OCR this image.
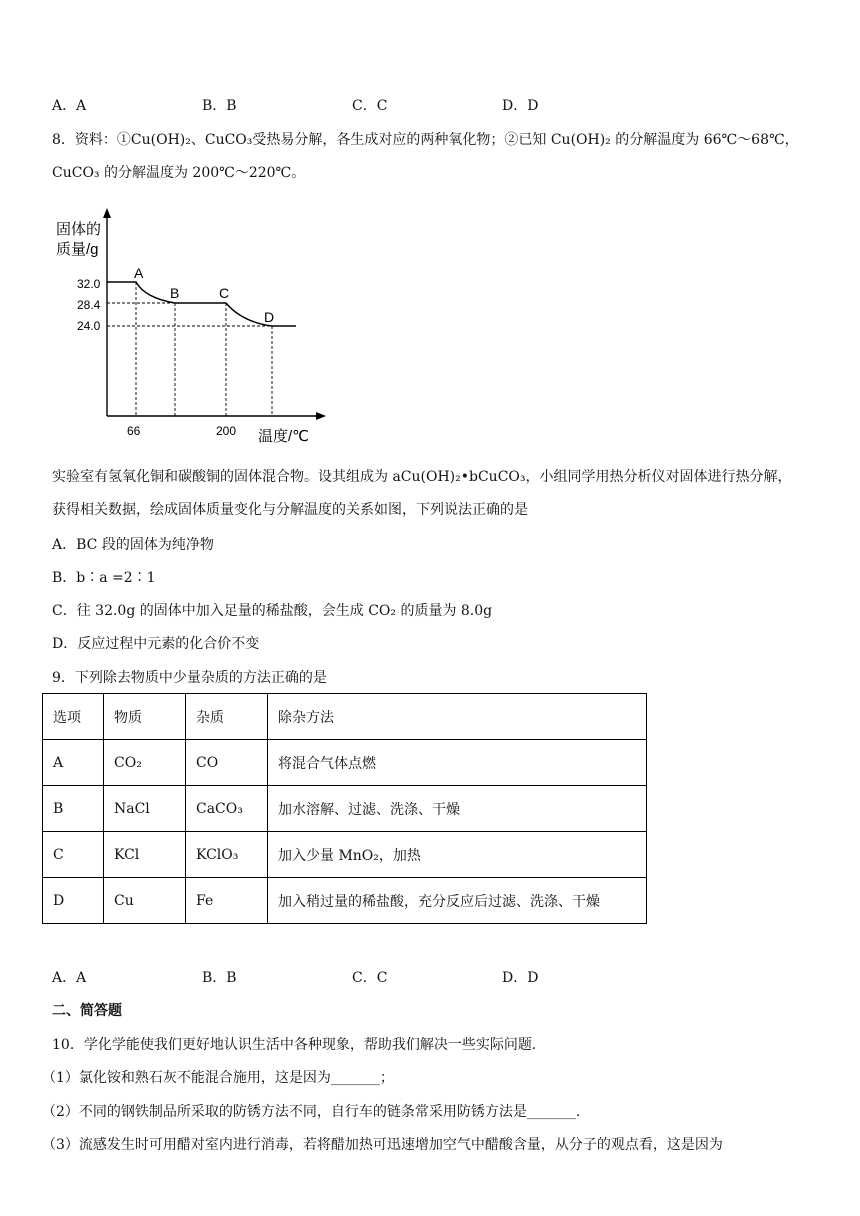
A．A	B．B	C．C	D．D
8．资料：①Cu(OH)₂、CuCO₃受热易分解，各生成对应的两种氧化物；②已知 Cu(OH)₂ 的分解温度为 66℃～68℃，
CuCO₃ 的分解温度为 200℃～220℃。
固体的
质量/g
温度/℃
32.0
28.4
24.0
66	200
A
B	C
D
实验室有氢氧化铜和碳酸铜的固体混合物。设其组成为 aCu(OH)₂•bCuCO₃，小组同学用热分析仪对固体进行热分解，
获得相关数据，绘成固体质量变化与分解温度的关系如图，下列说法正确的是
A．BC 段的固体为纯净物
B．b∶a =2∶1
C．往 32.0g 的固体中加入足量的稀盐酸，会生成 CO₂ 的质量为 8.0g
D．反应过程中元素的化合价不变
9．下列除去物质中少量杂质的方法正确的是
选项	物质	杂质	除杂方法
A	CO₂	CO	将混合气体点燃
B	NaCl	CaCO₃	加水溶解、过滤、洗涤、干燥
C	KCl	KClO₃	加入少量 MnO₂，加热
D	Cu	Fe	加入稍过量的稀盐酸，充分反应后过滤、洗涤、干燥
A．A	B．B	C．C	D．D
二、简答题
10．学化学能使我们更好地认识生活中各种现象，帮助我们解决一些实际问题.
（1）氯化铵和熟石灰不能混合施用，这是因为_______；
（2）不同的钢铁制品所采取的防锈方法不同，自行车的链条常采用防锈方法是_______.
（3）流感发生时可用醋对室内进行消毒，若将醋加热可迅速增加空气中醋酸含量，从分子的观点看，这是因为
